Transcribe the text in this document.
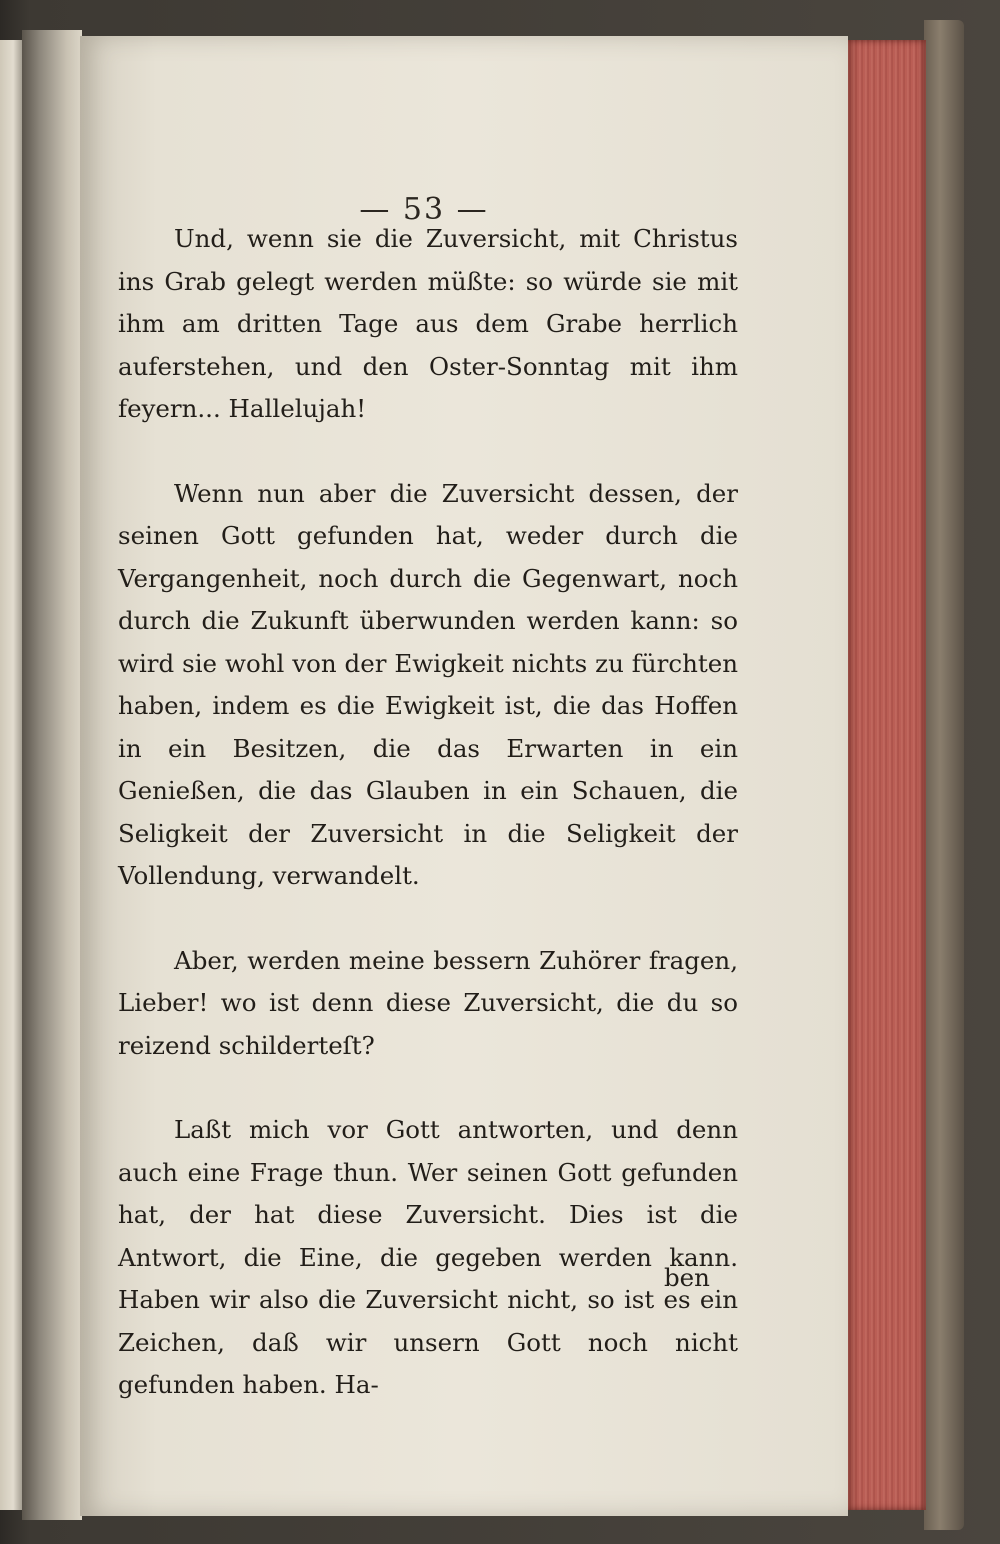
— 53 —

Und, wenn sie die Zuversicht, mit Christus ins Grab gelegt werden müßte: so würde sie mit ihm am dritten Tage aus dem Grabe herrlich auferstehen, und den Oster-Sonntag mit ihm feyern... Hallelujah!

Wenn nun aber die Zuversicht dessen, der seinen Gott gefunden hat, weder durch die Vergangenheit, noch durch die Gegenwart, noch durch die Zukunft überwunden werden kann: so wird sie wohl von der Ewigkeit nichts zu fürchten haben, indem es die Ewigkeit ist, die das Hoffen in ein Besitzen, die das Erwarten in ein Genießen, die das Glauben in ein Schauen, die Seligkeit der Zuversicht in die Seligkeit der Vollendung, verwandelt.

Aber, werden meine bessern Zuhörer fragen, Lieber! wo ist denn diese Zuversicht, die du so reizend schilderteſt?

Laßt mich vor Gott antworten, und denn auch eine Frage thun. Wer seinen Gott gefunden hat, der hat diese Zuversicht. Dies ist die Antwort, die Eine, die gegeben werden kann. Haben wir also die Zuversicht nicht, so ist es ein Zeichen, daß wir unsern Gott noch nicht gefunden haben. Ha-

ben
